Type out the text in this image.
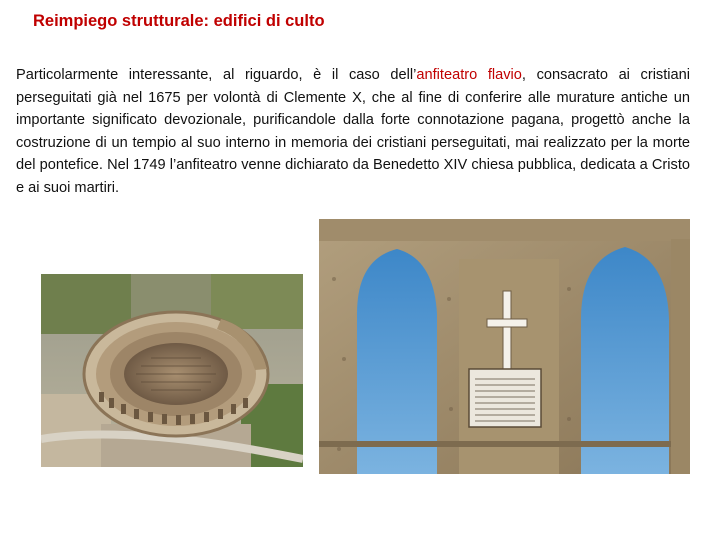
Reimpiego strutturale: edifici di culto

Particolarmente interessante, al riguardo, è il caso dell’anfiteatro flavio, consacrato ai cristiani perseguitati già nel 1675 per volontà di Clemente X, che al fine di conferire alle murature antiche un importante significato devozionale, purificandole dalla forte connotazione pagana, progettò anche la costruzione di un tempio al suo interno in memoria dei cristiani perseguitati, mai realizzato per la morte del pontefice. Nel 1749 l’anfiteatro venne dichiarato da Benedetto XIV chiesa pubblica, dedicata a Cristo e ai suoi martiri.
